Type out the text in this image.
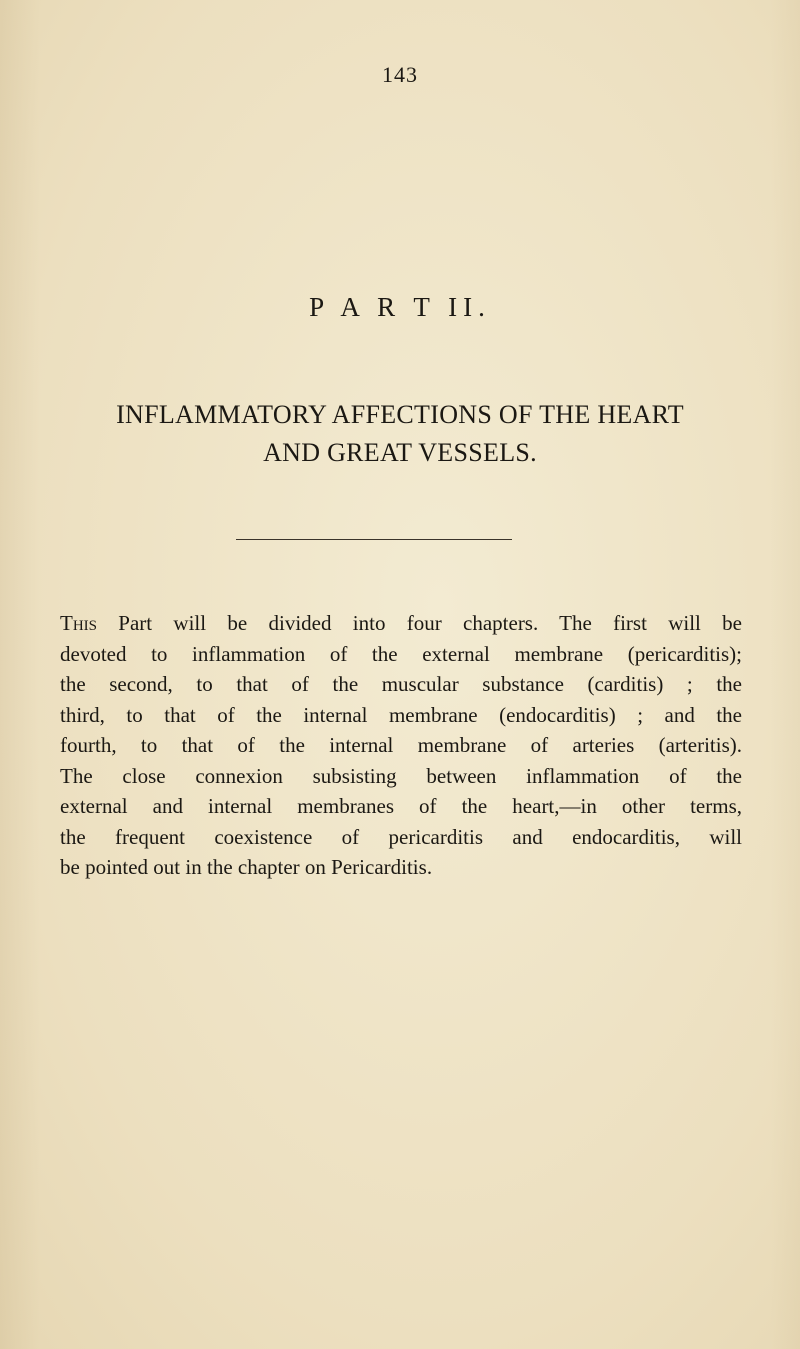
143
P A R T II.
INFLAMMATORY AFFECTIONS OF THE HEART
AND GREAT VESSELS.
This Part will be divided into four chapters. The first will be
devoted to inflammation of the external membrane (pericarditis);
the second, to that of the muscular substance (carditis) ; the
third, to that of the internal membrane (endocarditis) ; and the
fourth, to that of the internal membrane of arteries (arteritis).
The close connexion subsisting between inflammation of the
external and internal membranes of the heart,—in other terms,
the frequent coexistence of pericarditis and endocarditis, will
be pointed out in the chapter on Pericarditis.
